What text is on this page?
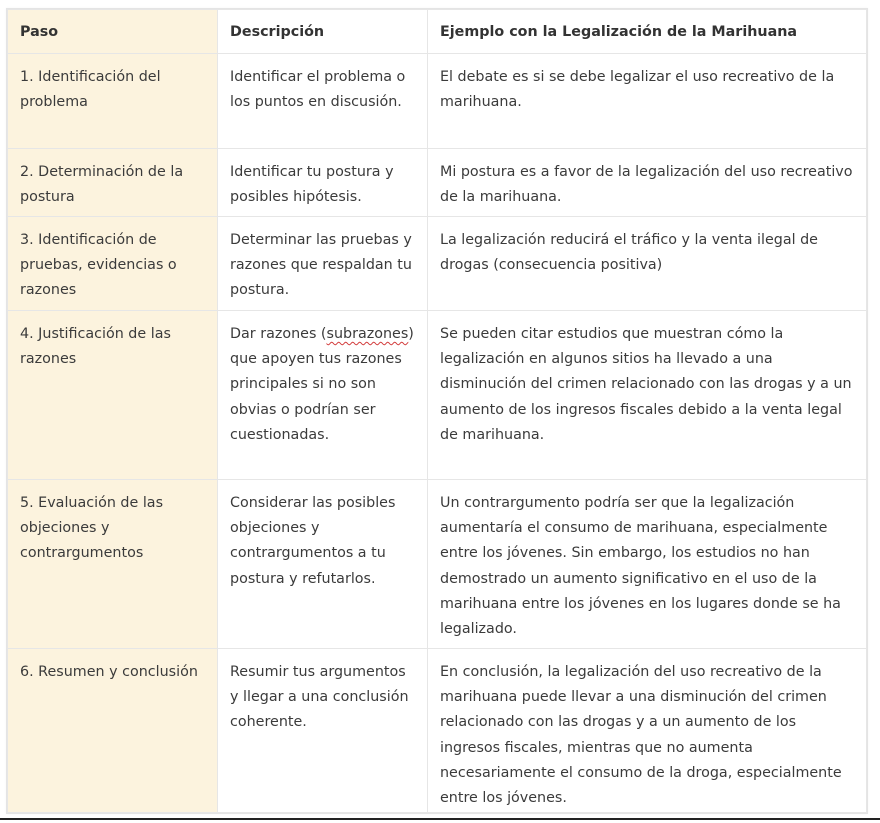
Paso	Descripción	Ejemplo con la Legalización de la Marihuana
1. Identificación del problema	Identificar el problema o los puntos en discusión.	El debate es si se debe legalizar el uso recreativo de la marihuana.
2. Determinación de la postura	Identificar tu postura y posibles hipótesis.	Mi postura es a favor de la legalización del uso recreativo de la marihuana.
3. Identificación de pruebas, evidencias o razones	Determinar las pruebas y razones que respaldan tu postura.	La legalización reducirá el tráfico y la venta ilegal de drogas (consecuencia positiva)
4. Justificación de las razones	Dar razones (subrazones) que apoyen tus razones principales si no son obvias o podrían ser cuestionadas.	Se pueden citar estudios que muestran cómo la legalización en algunos sitios ha llevado a una disminución del crimen relacionado con las drogas y a un aumento de los ingresos fiscales debido a la venta legal de marihuana.
5. Evaluación de las objeciones y contrargumentos	Considerar las posibles objeciones y contrargumentos a tu postura y refutarlos.	Un contrargumento podría ser que la legalización aumentaría el consumo de marihuana, especialmente entre los jóvenes. Sin embargo, los estudios no han demostrado un aumento significativo en el uso de la marihuana entre los jóvenes en los lugares donde se ha legalizado.
6. Resumen y conclusión	Resumir tus argumentos y llegar a una conclusión coherente.	En conclusión, la legalización del uso recreativo de la marihuana puede llevar a una disminución del crimen relacionado con las drogas y a un aumento de los ingresos fiscales, mientras que no aumenta necesariamente el consumo de la droga, especialmente entre los jóvenes.
